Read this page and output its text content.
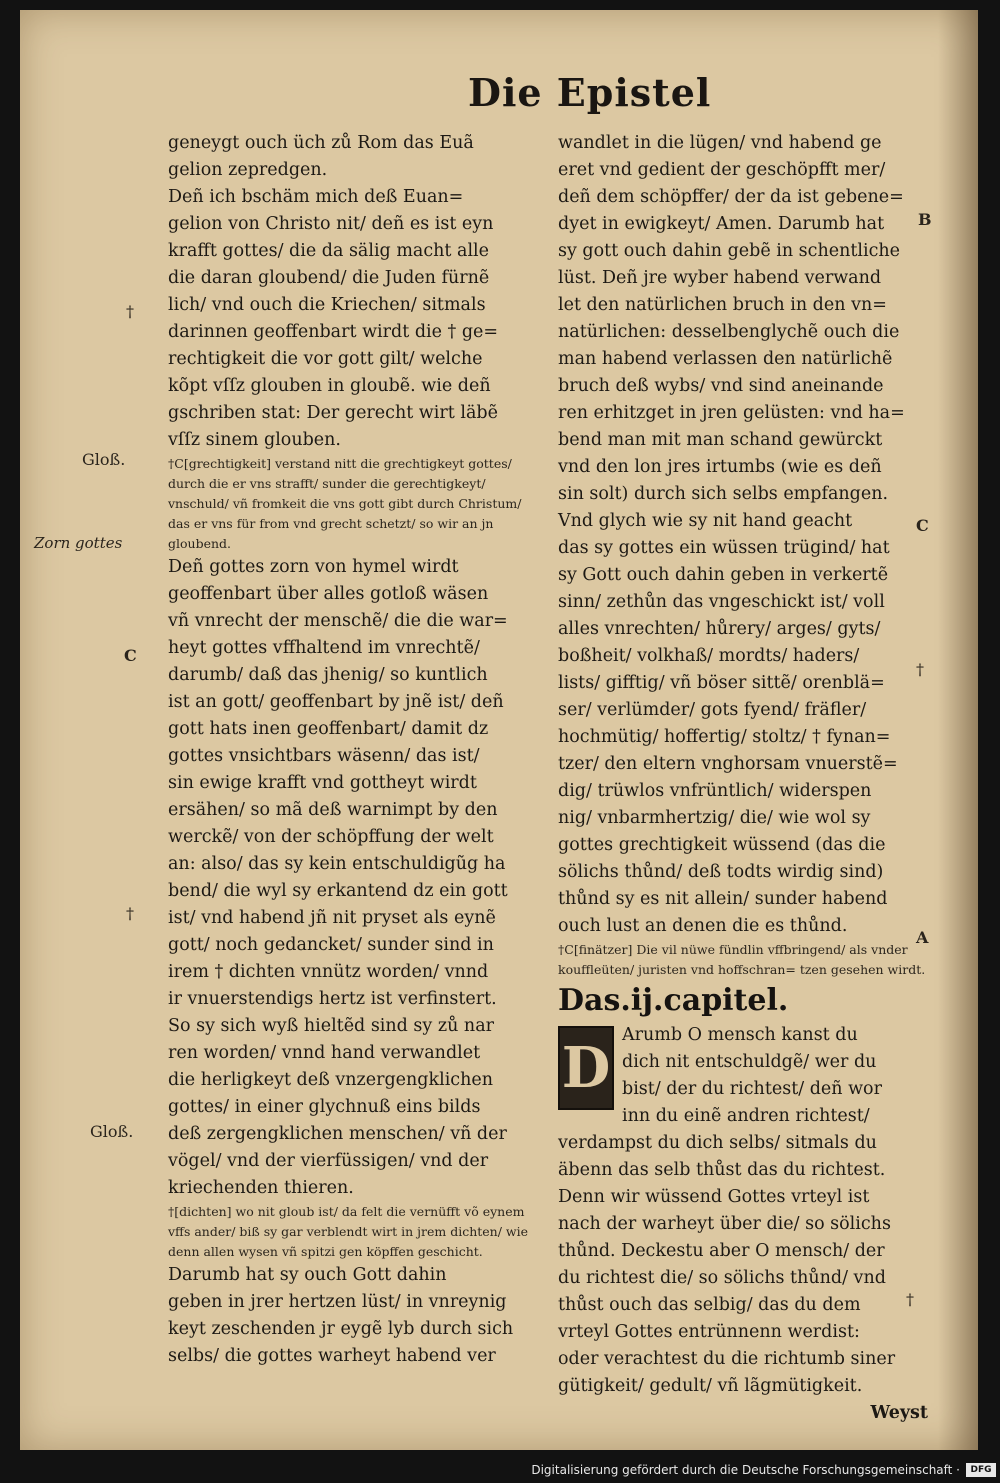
Die Epistel

geneygt ouch üch zů Rom das Euã

gelion zepredgen.

Deñ ich bschäm mich deß Euan=

gelion von Christo nit/ deñ es ist eyn

krafft gottes/ die da sälig macht alle

die daran gloubend/ die Juden fürnẽ

lich/ vnd ouch die Kriechen/ sitmals

darinnen geoffenbart wirdt die † ge=

rechtigkeit die vor gott gilt/ welche

kõpt vſſz glouben in gloubẽ. wie deñ

gschriben stat: Der gerecht wirt läbẽ

vſſz sinem glouben.

†C[grechtigkeit] verstand nitt die grechtigkeyt gottes/ durch die er vns strafft/ sunder die gerechtigkeyt/ vnschuld/ vñ fromkeit die vns gott gibt durch Christum/ das er vns für from vnd grecht schetzt/ so wir an jn gloubend.

Deñ gottes zorn von hymel wirdt

geoffenbart über alles gotloß wäsen

vñ vnrecht der menschẽ/ die die war=

heyt gottes vffhaltend im vnrechtẽ/

darumb/ daß das jhenig/ so kuntlich

ist an gott/ geoffenbart by jnẽ ist/ deñ

gott hats inen geoffenbart/ damit dz

gottes vnsichtbars wäsenn/ das ist/

sin ewige krafft vnd gottheyt wirdt

ersähen/ so mã deß warnimpt by den

werckẽ/ von der schöpffung der welt

an: also/ das sy kein entschuldigũg ha

bend/ die wyl sy erkantend dz ein gott

ist/ vnd habend jñ nit pryset als eynẽ

gott/ noch gedancket/ sunder sind in

irem † dichten vnnütz worden/ vnnd

ir vnuerstendigs hertz ist verfinstert.

So sy sich wyß hieltẽd sind sy zů nar

ren worden/ vnnd hand verwandlet

die herligkeyt deß vnzergengklichen

gottes/ in einer glychnuß eins bilds

deß zergengklichen menschen/ vñ der

vögel/ vnd der vierfüssigen/ vnd der

kriechenden thieren.

†[dichten] wo nit gloub ist/ da felt die vernüfft võ eynem vffs ander/ biß sy gar verblendt wirt in jrem dichten/ wie denn allen wysen vñ spitzi gen köpffen geschicht.

Darumb hat sy ouch Gott dahin

geben in jrer hertzen lüst/ in vnreynig

keyt zeschenden jr eygẽ lyb durch sich

selbs/ die gottes warheyt habend ver

wandlet in die lügen/ vnd habend ge

eret vnd gedient der geschöpfft mer/

deñ dem schöpffer/ der da ist gebene=

dyet in ewigkeyt/ Amen. Darumb hat

sy gott ouch dahin gebẽ in schentliche

lüst. Deñ jre wyber habend verwand

let den natürlichen bruch in den vn=

natürlichen: desselbenglychẽ ouch die

man habend verlassen den natürlichẽ

bruch deß wybs/ vnd sind aneinande

ren erhitzget in jren gelüsten: vnd ha=

bend man mit man schand gewürckt

vnd den lon jres irtumbs (wie es deñ

sin solt) durch sich selbs empfangen.

Vnd glych wie sy nit hand geacht

das sy gottes ein wüssen trügind/ hat

sy Gott ouch dahin geben in verkertẽ

sinn/ zethůn das vngeschickt ist/ voll

alles vnrechten/ hůrery/ arges/ gyts/

boßheit/ volkhaß/ mordts/ haders/

lists/ gifftig/ vñ böser sittẽ/ orenblä=

ser/ verlümder/ gots fyend/ fräfler/

hochmütig/ hoffertig/ stoltz/ † fynan=

tzer/ den eltern vnghorsam vnuerstẽ=

dig/ trüwlos vnfrüntlich/ widerspen

nig/ vnbarmhertzig/ die/ wie wol sy

gottes grechtigkeit wüssend (das die

sölichs thůnd/ deß todts wirdig sind)

thůnd sy es nit allein/ sunder habend

ouch lust an denen die es thůnd.

†C[finätzer] Die vil nüwe fündlin vffbringend/ als vnder kouffleüten/ juristen vnd hoffschran= tzen gesehen wirdt.

Das.ij.capitel.

D Arumb O mensch kanst du

dich nit entschuldgẽ/ wer du

bist/ der du richtest/ deñ wor

inn du einẽ andren richtest/

verdampst du dich selbs/ sitmals du

äbenn das selb thůst das du richtest.

Denn wir wüssend Gottes vrteyl ist

nach der warheyt über die/ so sölichs

thůnd. Deckestu aber O mensch/ der

du richtest die/ so sölichs thůnd/ vnd

thůst ouch das selbig/ das du dem

vrteyl Gottes entrünnenn werdist:

oder verachtest du die richtumb siner

gütigkeit/ gedult/ vñ lãgmütigkeit.

Weyst

†
Gloß.
Zorn gottes
C
†
Gloß.
B
C
†
A
†
Digitalisierung gefördert durch die Deutsche Forschungsgemeinschaft ·	DFG
